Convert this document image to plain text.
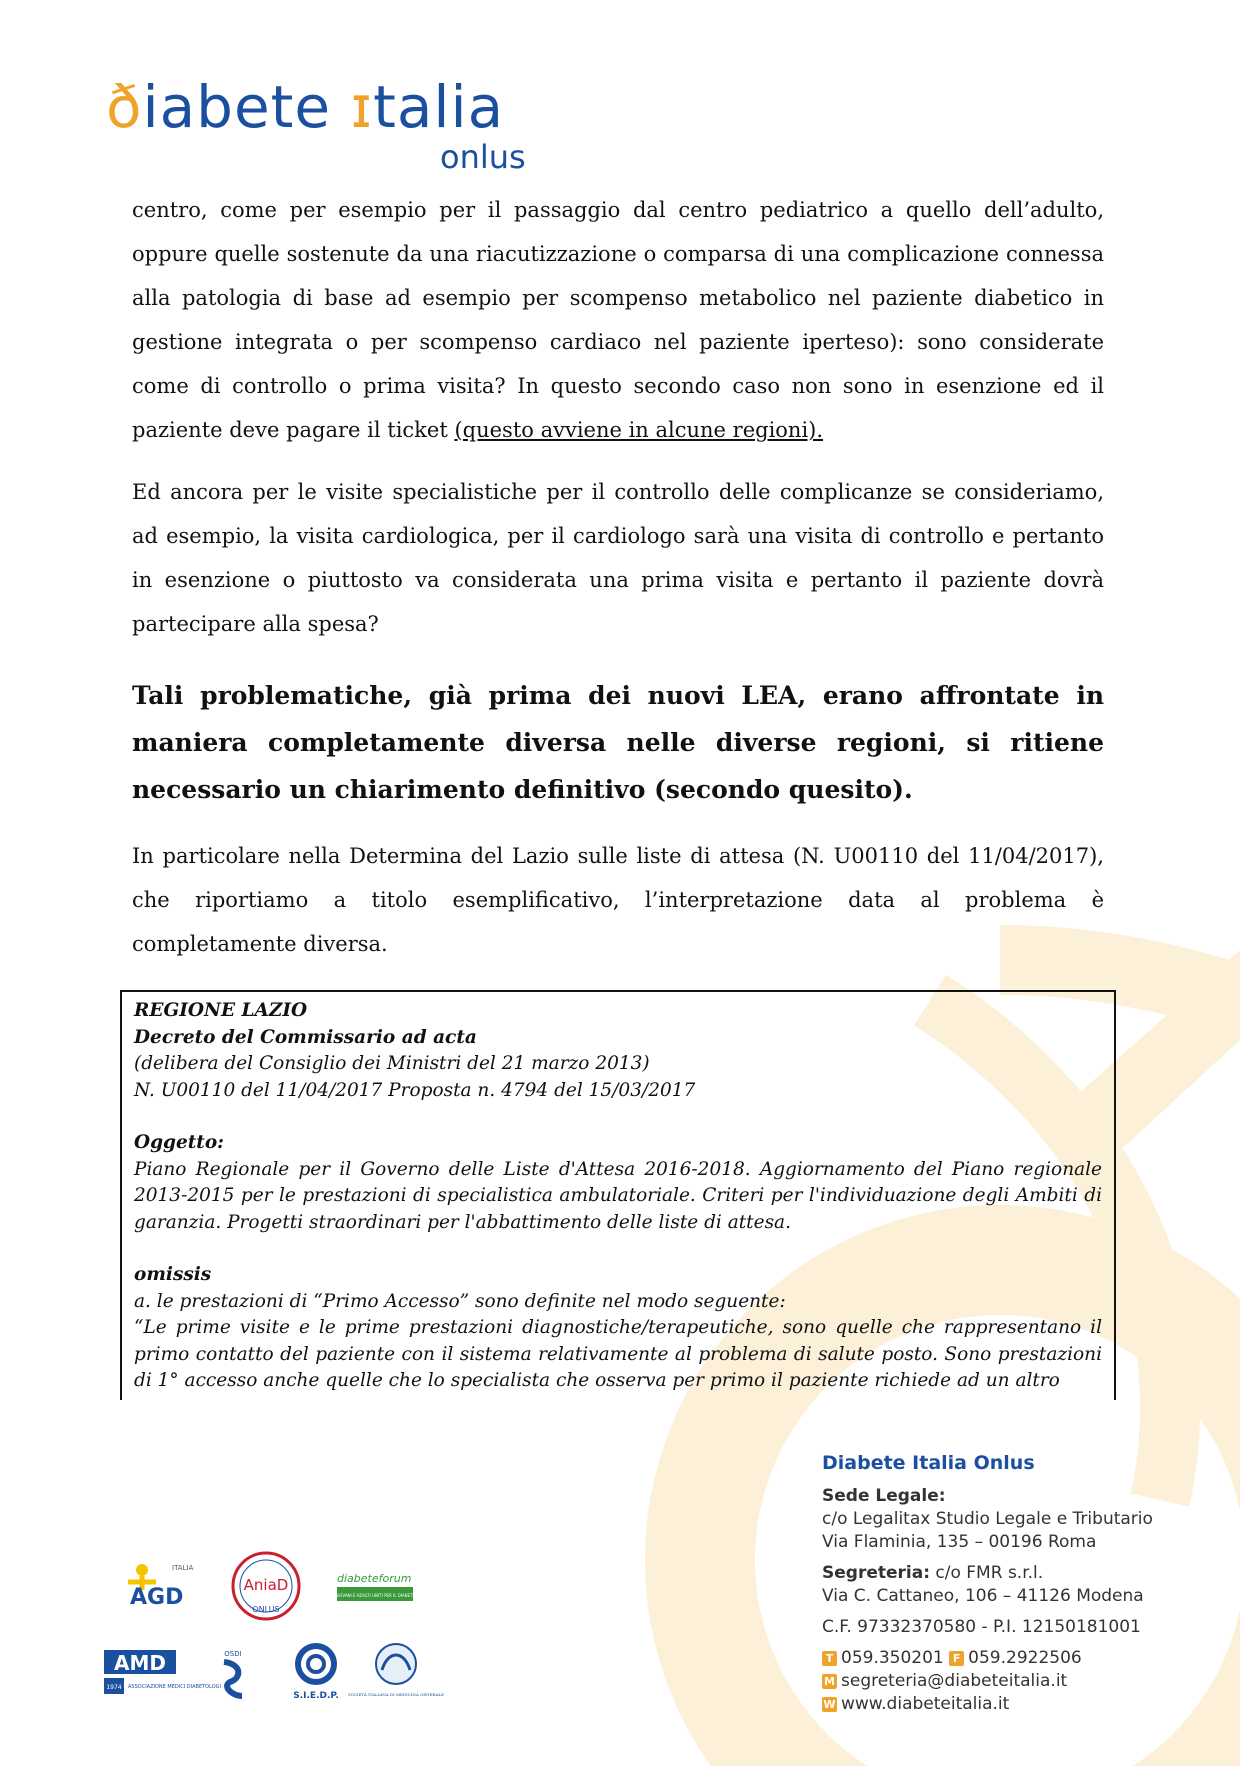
ðiabete ɪtalia
onlus
centro, come per esempio per il passaggio dal centro pediatrico a quello dell’adulto, oppure quelle sostenute da una riacutizzazione o comparsa di una complicazione connessa alla patologia di base ad esempio per scompenso metabolico nel paziente diabetico in gestione integrata o per scompenso cardiaco nel paziente iperteso): sono considerate come di controllo o prima visita? In questo secondo caso non sono in esenzione ed il paziente deve pagare il ticket (questo avviene in alcune regioni).
Ed ancora per le visite specialistiche per il controllo delle complicanze se consideriamo, ad esempio, la visita cardiologica, per il cardiologo sarà una visita di controllo e pertanto in esenzione o piuttosto va considerata una prima visita e pertanto il paziente dovrà partecipare alla spesa?
Tali problematiche, già prima dei nuovi LEA, erano affrontate in maniera completamente diversa nelle diverse regioni, si ritiene necessario un chiarimento definitivo (secondo quesito).
In particolare nella Determina del Lazio sulle liste di attesa (N. U00110 del 11/04/2017), che riportiamo a titolo esemplificativo, l’interpretazione data al problema è completamente diversa.
REGIONE LAZIO
Decreto del Commissario ad acta
(delibera del Consiglio dei Ministri del 21 marzo 2013)
N. U00110 del 11/04/2017 Proposta n. 4794 del 15/03/2017
Oggetto:
Piano Regionale per il Governo delle Liste d'Attesa 2016-2018. Aggiornamento del Piano regionale 2013-2015 per le prestazioni di specialistica ambulatoriale. Criteri per l'individuazione degli Ambiti di garanzia. Progetti straordinari per l'abbattimento delle liste di attesa.
omissis
a. le prestazioni di “Primo Accesso” sono definite nel modo seguente:
“Le prime visite e le prime prestazioni diagnostiche/terapeutiche, sono quelle che rappresentano il primo contatto del paziente con il sistema relativamente al problema di salute posto. Sono prestazioni di 1° accesso anche quelle che lo specialista che osserva per primo il paziente richiede ad un altro
ITALIA
AGD	AniaD
ONLUS
diabeteforum
GIOVANI E ADULTI UNITI PER IL DIABETE
AMD
1974 ASSOCIAZIONE MEDICI DIABETOLOGI
OSDI
S.I.E.D.P. SOCIETÀ ITALIANA DI MEDICINA GENERALE
Diabete Italia Onlus
Sede Legale:
c/o Legalitax Studio Legale e Tributario
Via Flaminia, 135 – 00196 Roma
Segreteria: c/o FMR s.r.l.
Via C. Cattaneo, 106 – 41126 Modena
C.F. 97332370580 - P.I. 12150181001
T 059.350201 F 059.2922506
M segreteria@diabeteitalia.it
W www.diabeteitalia.it
